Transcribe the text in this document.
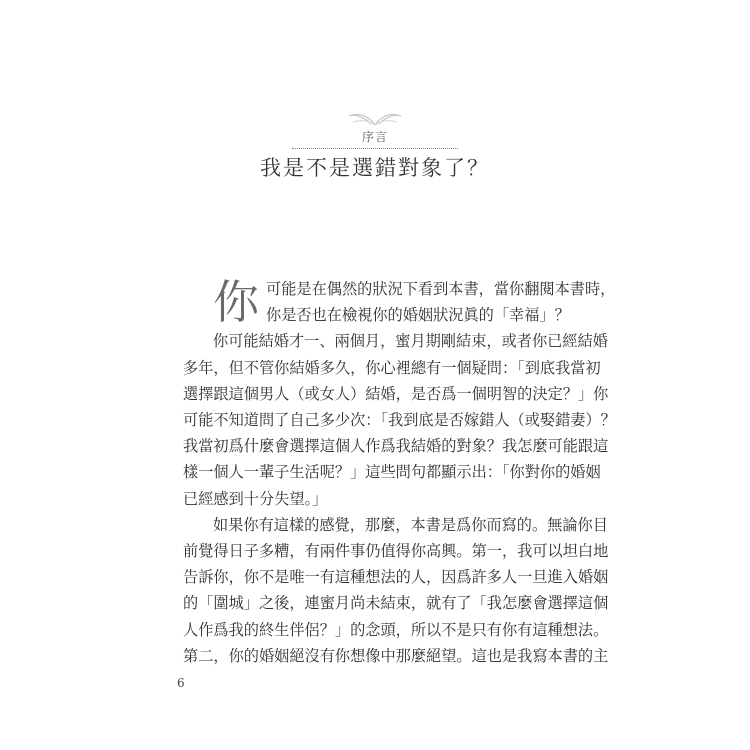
序言
我是不是選錯對象了？
你 可能是在偶然的狀況下看到本書，當你翻閱本書時，
你是否也在檢視你的婚姻狀況眞的「幸福」？
你可能結婚才一、兩個月，蜜月期剛結束，或者你已經結婚
多年，但不管你結婚多久，你心裡總有一個疑問：「到底我當初
選擇跟這個男人（或女人）結婚，是否爲一個明智的決定？」你
可能不知道問了自己多少次：「我到底是否嫁錯人（或娶錯妻）？
我當初爲什麼會選擇這個人作爲我結婚的對象？我怎麼可能跟這
樣一個人一輩子生活呢？」這些問句都顯示出：「你對你的婚姻
已經感到十分失望。」
如果你有這樣的感覺，那麼，本書是爲你而寫的。無論你目
前覺得日子多糟，有兩件事仍值得你高興。第一，我可以坦白地
告訴你，你不是唯一有這種想法的人，因爲許多人一旦進入婚姻
的「圍城」之後，連蜜月尚未結束，就有了「我怎麼會選擇這個
人作爲我的終生伴侶？」的念頭，所以不是只有你有這種想法。
第二，你的婚姻絕沒有你想像中那麼絕望。這也是我寫本書的主
6
